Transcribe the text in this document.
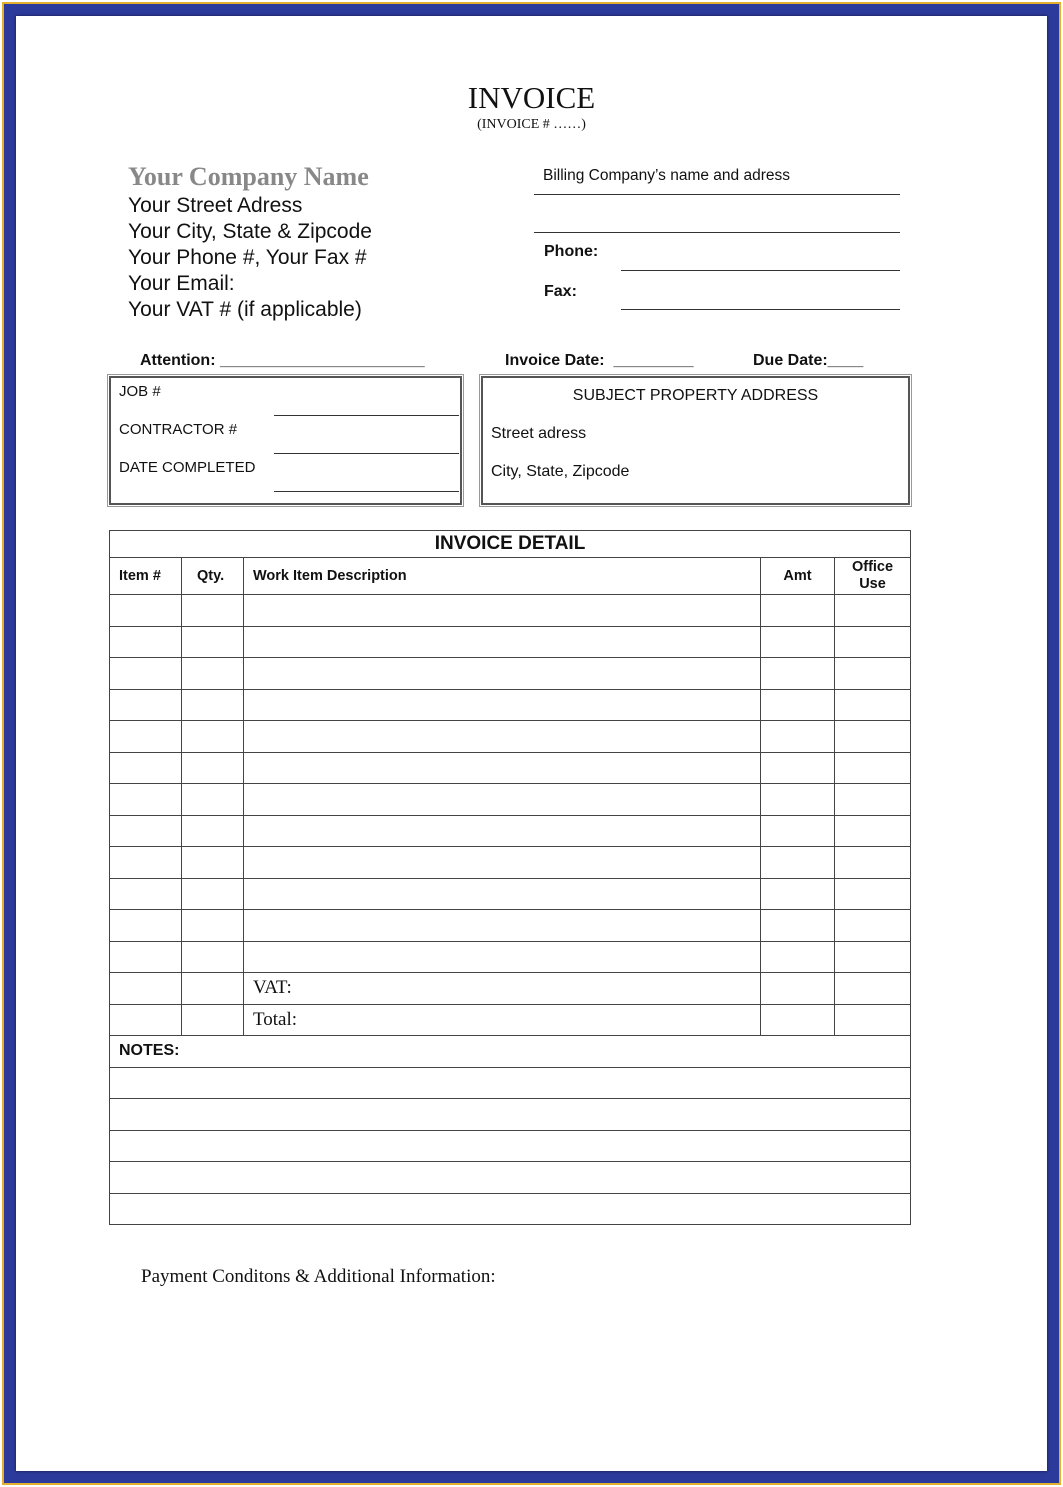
INVOICE
(INVOICE # ……)
Your Company Name
Your Street Adress
Your City, State & Zipcode
Your Phone #, Your Fax #
Your Email:
Your VAT # (if applicable)
Billing Company’s name and adress
Phone:
Fax:
Attention: _______________________	Invoice Date:  _________	Due Date:____
JOB #
CONTRACTOR #
DATE COMPLETED
SUBJECT PROPERTY ADDRESS
Street adress
City, State, Zipcode
INVOICE DETAIL				
Item #	Qty.	Work Item Description	Amt	Office Use

		VAT:		
		Total:		
NOTES:				

Payment Conditons & Additional Information:
